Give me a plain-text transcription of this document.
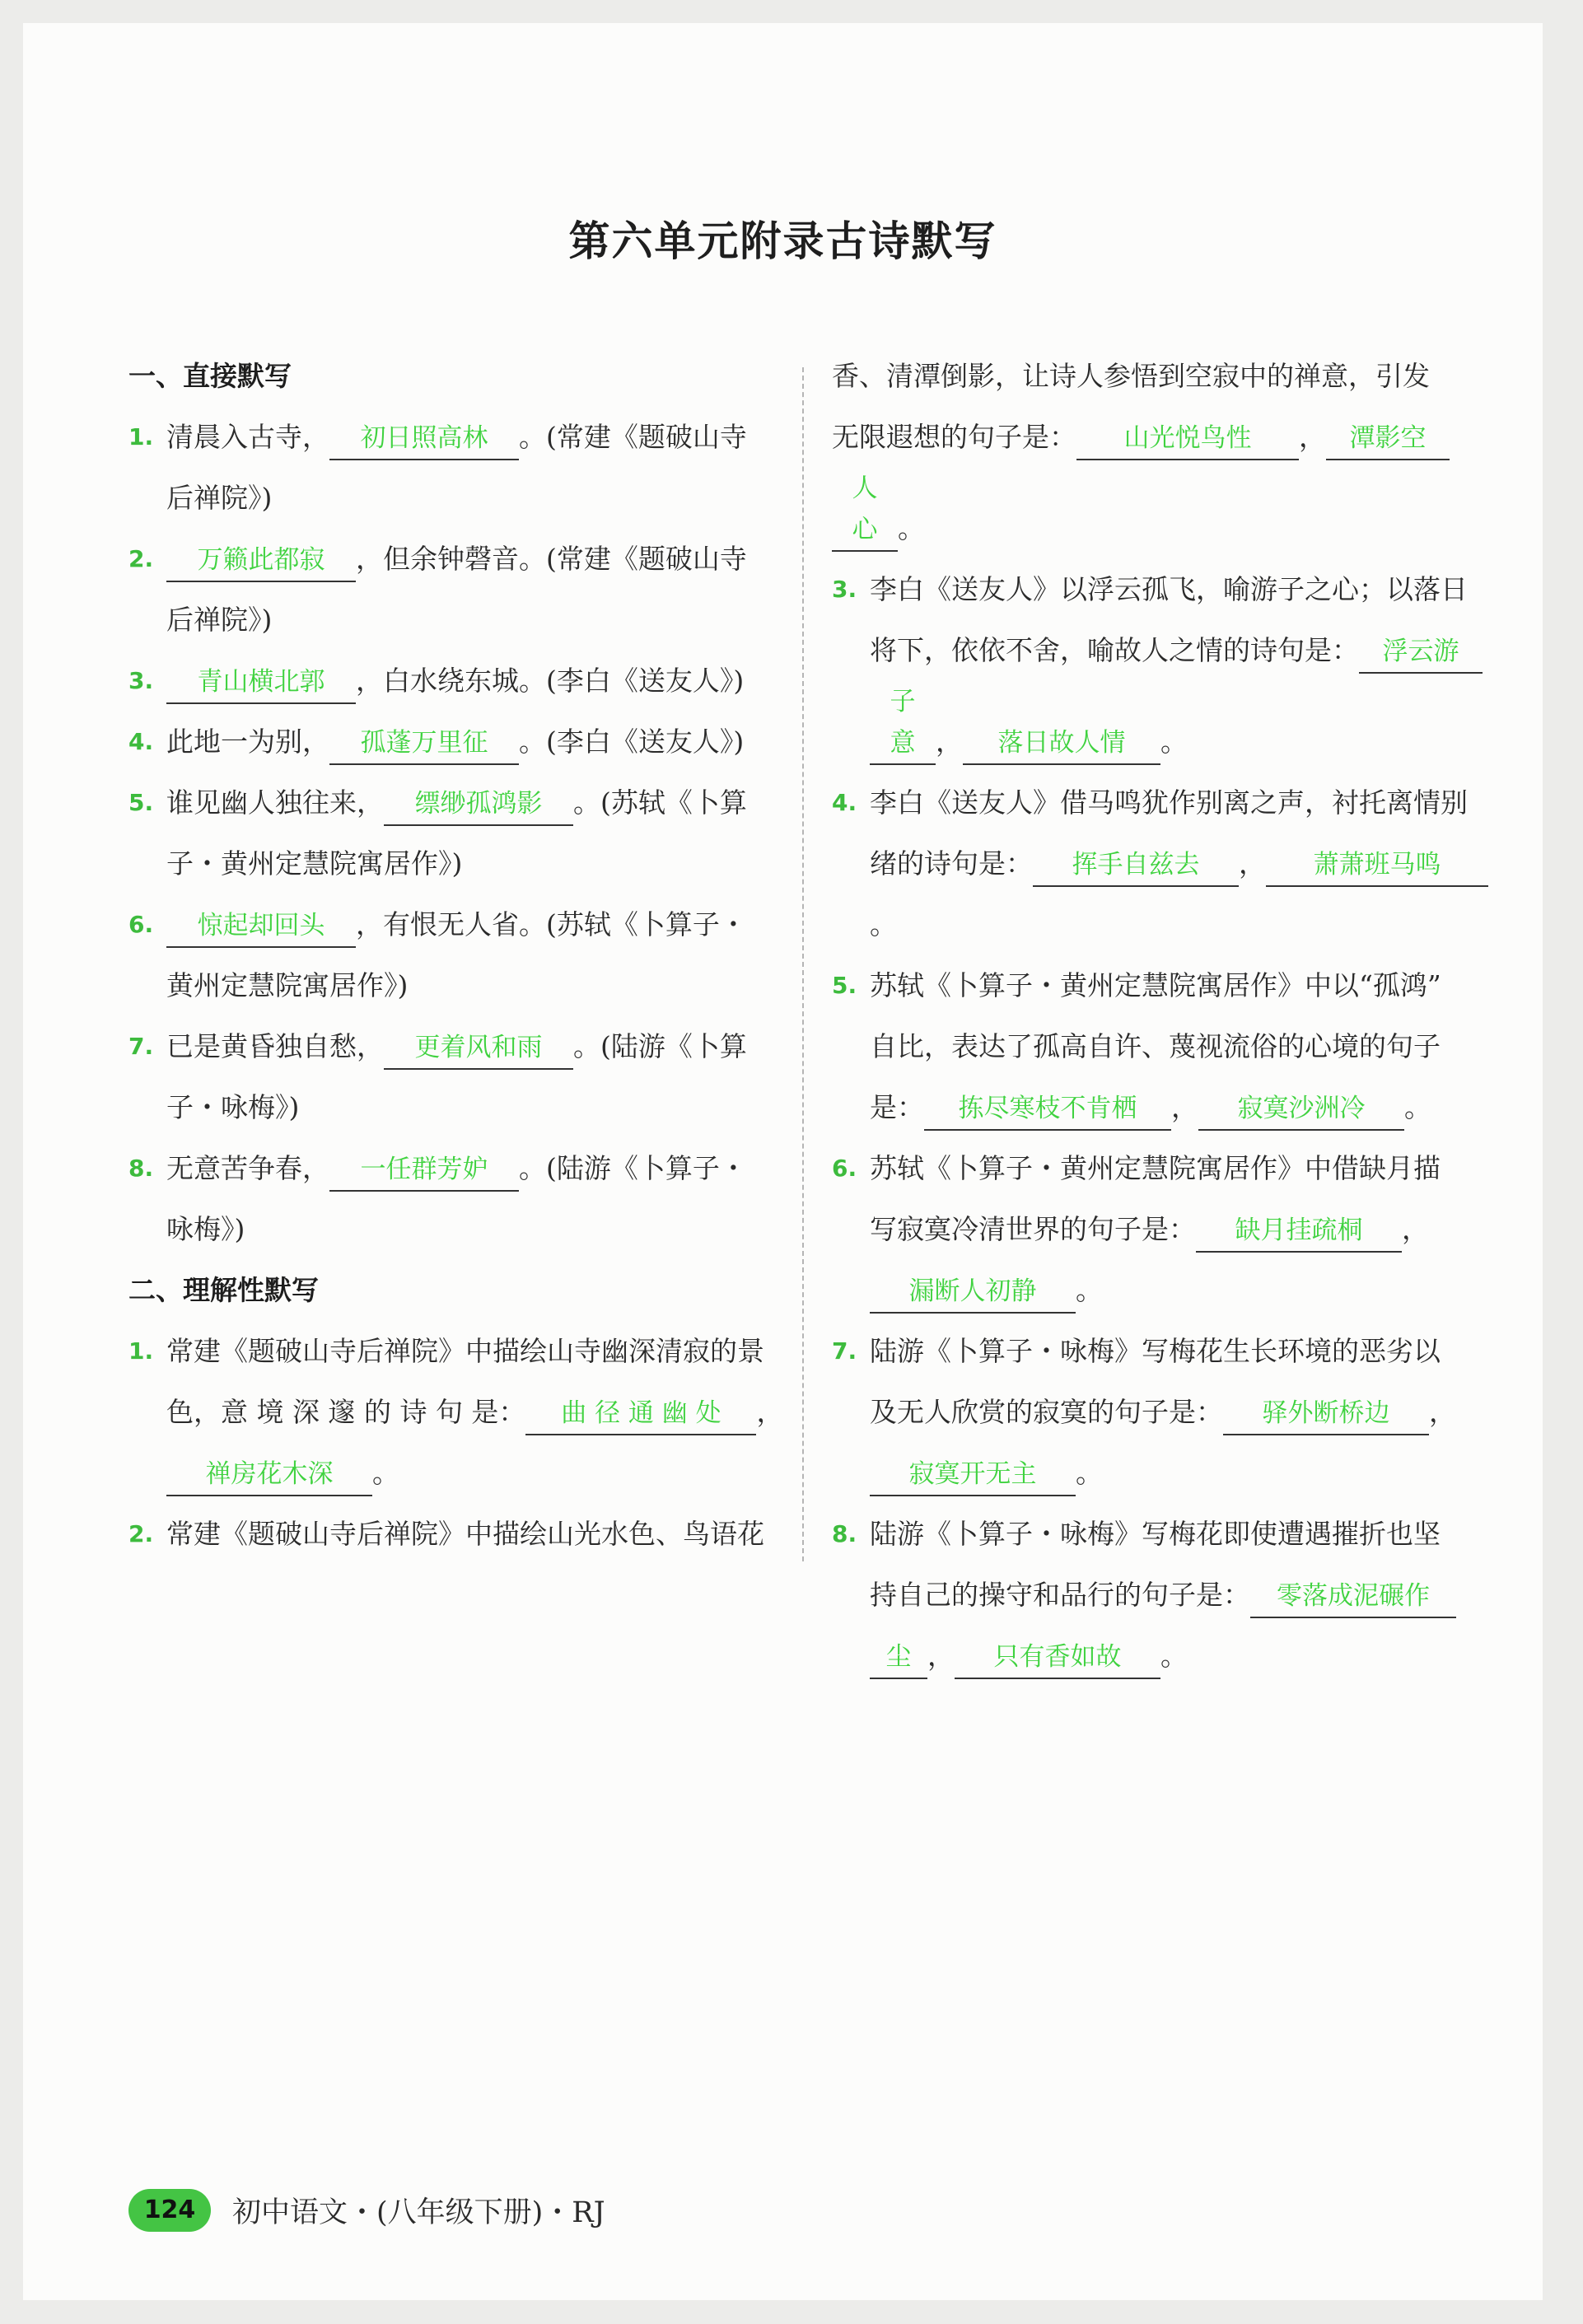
第六单元附录古诗默写
一、直接默写
1. 清晨入古寺， 初日照高林 。(常建《题破山寺
后禅院》)
2.	万籁此都寂 ，但余钟磬音。(常建《题破山寺
后禅院》)
3.	青山横北郭 ，白水绕东城。(李白《送友人》)
4. 此地一为别， 孤蓬万里征 。(李白《送友人》)
5. 谁见幽人独往来， 缥缈孤鸿影 。(苏轼《卜算
子・黄州定慧院寓居作》)
6.	惊起却回头 ，有恨无人省。(苏轼《卜算子・
黄州定慧院寓居作》)
7. 已是黄昏独自愁， 更着风和雨 。(陆游《卜算
子・咏梅》)
8. 无意苦争春， 一任群芳妒 。(陆游《卜算子・
咏梅》)
二、理解性默写
1. 常建《题破山寺后禅院》中描绘山寺幽深清寂的景
色，意 境 深 邃 的 诗 句 是： 曲 径 通 幽 处 ，
禅房花木深 。
2. 常建《题破山寺后禅院》中描绘山光水色、鸟语花
香、清潭倒影，让诗人参悟到空寂中的禅意，引发
无限遐想的句子是： 山光悦鸟性 ， 潭影空
人心 。
3. 李白《送友人》以浮云孤飞，喻游子之心；以落日
将下，依依不舍，喻故人之情的诗句是： 浮云游
子意 ， 落日故人情 。
4. 李白《送友人》借马鸣犹作别离之声，衬托离情别
绪的诗句是： 挥手自兹去 ， 萧萧班马鸣。
5. 苏轼《卜算子・黄州定慧院寓居作》中以“孤鸿”
自比，表达了孤高自许、蔑视流俗的心境的句子
是： 拣尽寒枝不肯栖 ， 寂寞沙洲冷 。
6. 苏轼《卜算子・黄州定慧院寓居作》中借缺月描
写寂寞冷清世界的句子是： 缺月挂疏桐 ，
漏断人初静 。
7. 陆游《卜算子・咏梅》写梅花生长环境的恶劣以
及无人欣赏的寂寞的句子是： 驿外断桥边 ，
寂寞开无主 。
8. 陆游《卜算子・咏梅》写梅花即使遭遇摧折也坚
持自己的操守和品行的句子是： 零落成泥碾作
尘 ， 只有香如故 。
124	初中语文・(八年级下册)・RJ
